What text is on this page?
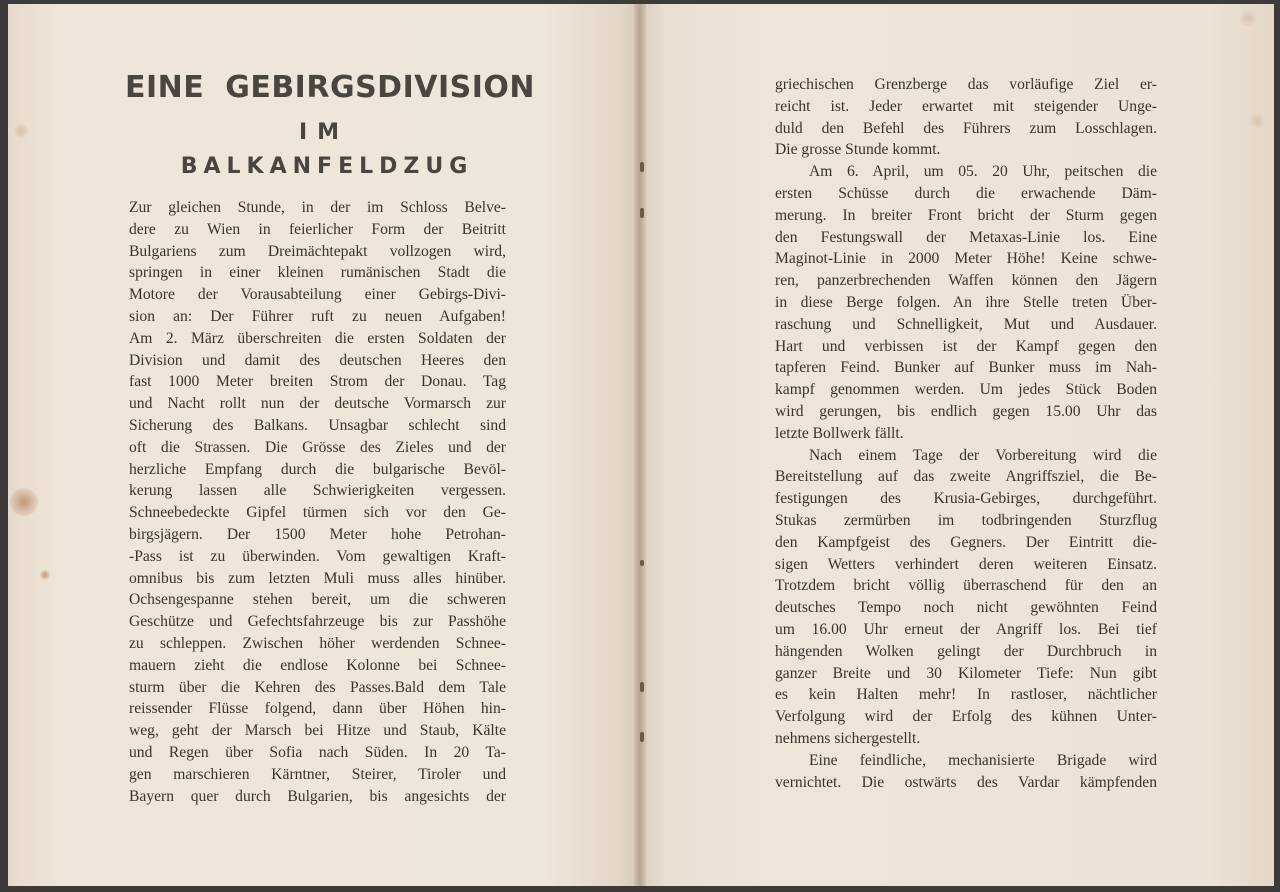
EINE GEBIRGSDIVISION
IM
BALKANFELDZUG
Zur gleichen Stunde, in der im Schloss Belve-
dere zu Wien in feierlicher Form der Beitritt
Bulgariens zum Dreimächtepakt vollzogen wird,
springen in einer kleinen rumänischen Stadt die
Motore der Vorausabteilung einer Gebirgs-Divi-
sion an: Der Führer ruft zu neuen Aufgaben!
Am 2. März überschreiten die ersten Soldaten der
Division und damit des deutschen Heeres den
fast 1000 Meter breiten Strom der Donau. Tag
und Nacht rollt nun der deutsche Vormarsch zur
Sicherung des Balkans. Unsagbar schlecht sind
oft die Strassen. Die Grösse des Zieles und der
herzliche Empfang durch die bulgarische Bevöl-
kerung lassen alle Schwierigkeiten vergessen.
Schneebedeckte Gipfel türmen sich vor den Ge-
birgsjägern. Der 1500 Meter hohe Petrohan-
-Pass ist zu überwinden. Vom gewaltigen Kraft-
omnibus bis zum letzten Muli muss alles hinüber.
Ochsengespanne stehen bereit, um die schweren
Geschütze und Gefechtsfahrzeuge bis zur Passhöhe
zu schleppen. Zwischen höher werdenden Schnee-
mauern zieht die endlose Kolonne bei Schnee-
sturm über die Kehren des Passes.Bald dem Tale
reissender Flüsse folgend, dann über Höhen hin-
weg, geht der Marsch bei Hitze und Staub, Kälte
und Regen über Sofia nach Süden. In 20 Ta-
gen marschieren Kärntner, Steirer, Tiroler und
Bayern quer durch Bulgarien, bis angesichts der
griechischen Grenzberge das vorläufige Ziel er-
reicht ist. Jeder erwartet mit steigender Unge-
duld den Befehl des Führers zum Losschlagen.
Die grosse Stunde kommt.
Am 6. April, um 05. 20 Uhr, peitschen die
ersten Schüsse durch die erwachende Däm-
merung. In breiter Front bricht der Sturm gegen
den Festungswall der Metaxas-Linie los. Eine
Maginot-Linie in 2000 Meter Höhe! Keine schwe-
ren, panzerbrechenden Waffen können den Jägern
in diese Berge folgen. An ihre Stelle treten Über-
raschung und Schnelligkeit, Mut und Ausdauer.
Hart und verbissen ist der Kampf gegen den
tapferen Feind. Bunker auf Bunker muss im Nah-
kampf genommen werden. Um jedes Stück Boden
wird gerungen, bis endlich gegen 15.00 Uhr das
letzte Bollwerk fällt.
Nach einem Tage der Vorbereitung wird die
Bereitstellung auf das zweite Angriffsziel, die Be-
festigungen des Krusia-Gebirges, durchgeführt.
Stukas zermürben im todbringenden Sturzflug
den Kampfgeist des Gegners. Der Eintritt die-
sigen Wetters verhindert deren weiteren Einsatz.
Trotzdem bricht völlig überraschend für den an
deutsches Tempo noch nicht gewöhnten Feind
um 16.00 Uhr erneut der Angriff los. Bei tief
hängenden Wolken gelingt der Durchbruch in
ganzer Breite und 30 Kilometer Tiefe: Nun gibt
es kein Halten mehr! In rastloser, nächtlicher
Verfolgung wird der Erfolg des kühnen Unter-
nehmens sichergestellt.
Eine feindliche, mechanisierte Brigade wird
vernichtet. Die ostwärts des Vardar kämpfenden
